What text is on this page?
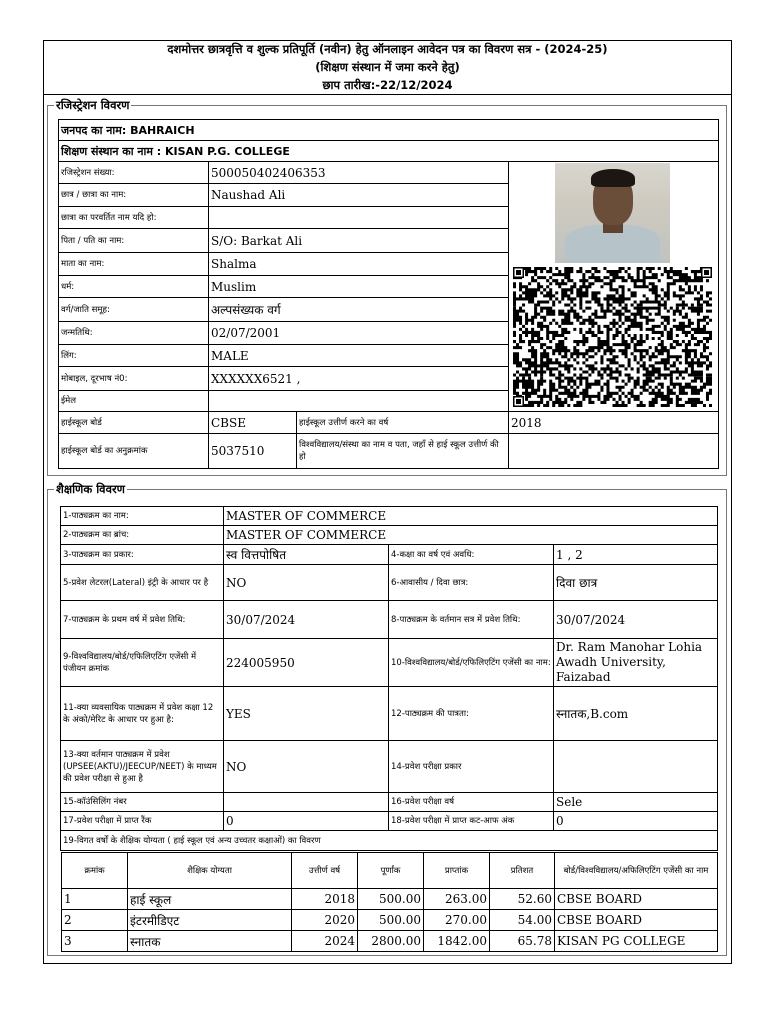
दशमोत्तर छात्रवृत्ति व शुल्क प्रतिपूर्ति (नवीन) हेतु ऑनलाइन आवेदन पत्र का विवरण सत्र - (2024-25)
(शिक्षण संस्थान में जमा करने हेतु)
छाप तारीख:-22/12/2024
रजिस्ट्रेशन विवरण
जनपद का नाम: BAHRAICH			
शिक्षण संस्थान का नाम : KISAN P.G. COLLEGE			
रजिस्ट्रेशन संख्या:	500050402406353		
छात्र / छात्रा का नाम:	Naushad Ali		
छात्रा का परवर्तित नाम यदि हो:			
पिता / पति का नाम:	S/O: Barkat Ali		
माता का नाम:	Shalma		
धर्म:	Muslim		
वर्ग/जाति समूह:	अल्पसंख्यक वर्ग		
जन्मतिथि:	02/07/2001		
लिंग:	MALE		
मोबाइल, दूरभाष नं0:	XXXXXX6521 ,		
ईमेल			
हाईस्कूल बोर्ड	CBSE	हाईस्कूल उत्तीर्ण करने का वर्ष	2018
हाईस्कूल बोर्ड का अनुक्रमांक	5037510	विश्वविद्यालय/संस्था का नाम व पता, जहाँ से हाई स्कूल उत्तीर्ण की हो	
शैक्षणिक विवरण
1-पाठ्यक्रम का नाम:	MASTER OF COMMERCE		
2-पाठ्यक्रम का ब्रांच:	MASTER OF COMMERCE		
3-पाठ्यक्रम का प्रकार:	स्व वित्तपोषित	4-कक्षा का वर्ष एवं अवधि:	1 , 2
5-प्रवेश लेटरल(Lateral) इंट्री के आधार पर है	NO	6-आवासीय / दिवा छात्र:	दिवा छात्र
7-पाठ्यक्रम के प्रथम वर्ष में प्रवेश तिथि:	30/07/2024	8-पाठ्यक्रम के वर्तमान सत्र में प्रवेश तिथि:	30/07/2024
9-विश्वविद्यालय/बोर्ड/एफिलिएटिंग एजेंसी में पंजीयन क्रमांक	224005950	10-विश्वविद्यालय/बोर्ड/एफिलिएटिंग एजेंसी का नाम:	Dr. Ram Manohar Lohia Awadh University, Faizabad
11-क्या व्यवसायिक पाठ्यक्रम में प्रवेश कक्षा 12 के अंको/मेरिट के आधार पर हुआ है:	YES	12-पाठ्यक्रम की पात्रता:	स्नातक,B.com
13-क्या वर्तमान पाठ्यक्रम में प्रवेश (UPSEE(AKTU)/JEECUP/NEET) के माध्यम की प्रवेश परीक्षा से हुआ है	NO	14-प्रवेश परीक्षा प्रकार	
15-कॉउंसिलिंग नंबर		16-प्रवेश परीक्षा वर्ष	Sele
17-प्रवेश परीक्षा में प्राप्त रैंक	0	18-प्रवेश परीक्षा में प्राप्त कट-आफ अंक	0
19-विगत वर्षों के शैक्षिक योग्यता ( हाई स्कूल एवं अन्य उच्चतर कक्षाओं) का विवरण			
क्रमांक	शैक्षिक योग्यता	उत्तीर्ण वर्ष	पूर्णांक	प्राप्तांक	प्रतिशत	बोर्ड/विश्वविद्यालय/अफिलिएटिंग एजेंसी का नाम
1	हाई स्कूल	2018	500.00	263.00	52.60	CBSE BOARD
2	इंटरमीडिएट	2020	500.00	270.00	54.00	CBSE BOARD
3	स्नातक	2024	2800.00	1842.00	65.78	KISAN PG COLLEGE
